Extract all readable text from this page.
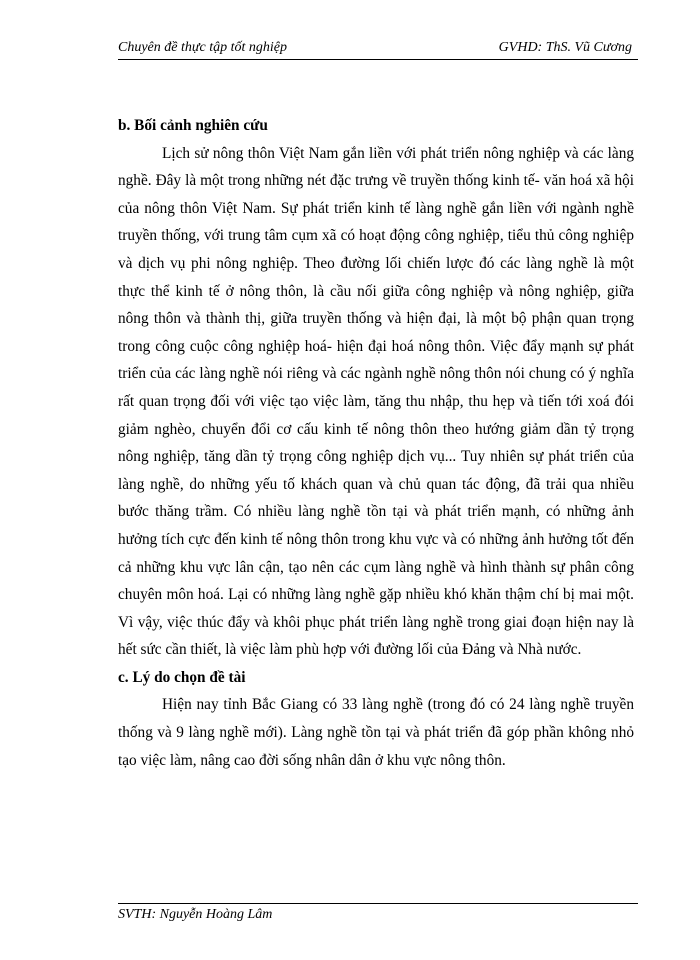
Chuyên đề thực tập tốt nghiệp	GVHD: ThS. Vũ Cương

b. Bối cảnh nghiên cứu

Lịch sử nông thôn Việt Nam gắn liền với phát triển nông nghiệp và các làng nghề. Đây là một trong những nét đặc trưng về truyền thống kinh tế- văn hoá xã hội của nông thôn Việt Nam. Sự phát triển kinh tế làng nghề gắn liền với ngành nghề truyền thống, với trung tâm cụm xã có hoạt động công nghiệp, tiểu thủ công nghiệp và dịch vụ phi nông nghiệp. Theo đường lối chiến lược đó các làng nghề là một thực thể kinh tế ở nông thôn, là cầu nối giữa công nghiệp và nông nghiệp, giữa nông thôn và thành thị, giữa truyền thống và hiện đại, là một bộ phận quan trọng trong công cuộc công nghiệp hoá- hiện đại hoá nông thôn. Việc đẩy mạnh sự phát triển của các làng nghề nói riêng và các ngành nghề nông thôn nói chung có ý nghĩa rất quan trọng đối với việc tạo việc làm, tăng thu nhập, thu hẹp và tiến tới xoá đói giảm nghèo, chuyển đổi cơ cấu kinh tế nông thôn theo hướng giảm dần tỷ trọng nông nghiệp, tăng dần tỷ trọng công nghiệp dịch vụ... Tuy nhiên sự phát triển của làng nghề, do những yếu tố khách quan và chủ quan tác động, đã trải qua nhiều bước thăng trầm. Có nhiều làng nghề tồn tại và phát triển mạnh, có những ảnh hưởng tích cực đến kinh tế nông thôn trong khu vực và có những ảnh hưởng tốt đến cả những khu vực lân cận, tạo nên các cụm làng nghề và hình thành sự phân công chuyên môn hoá. Lại có những làng nghề gặp nhiều khó khăn thậm chí bị mai một. Vì vậy, việc thúc đẩy và khôi phục phát triển làng nghề trong giai đoạn hiện nay là hết sức cần thiết, là việc làm phù hợp với đường lối của Đảng và Nhà nước.

c. Lý do chọn đề tài

Hiện nay tỉnh Bắc Giang có 33 làng nghề (trong đó có 24 làng nghề truyền thống và 9 làng nghề mới). Làng nghề tồn tại và phát triển đã góp phần không nhỏ tạo việc làm, nâng cao đời sống nhân dân ở khu vực nông thôn.

SVTH: Nguyễn Hoàng Lâm
